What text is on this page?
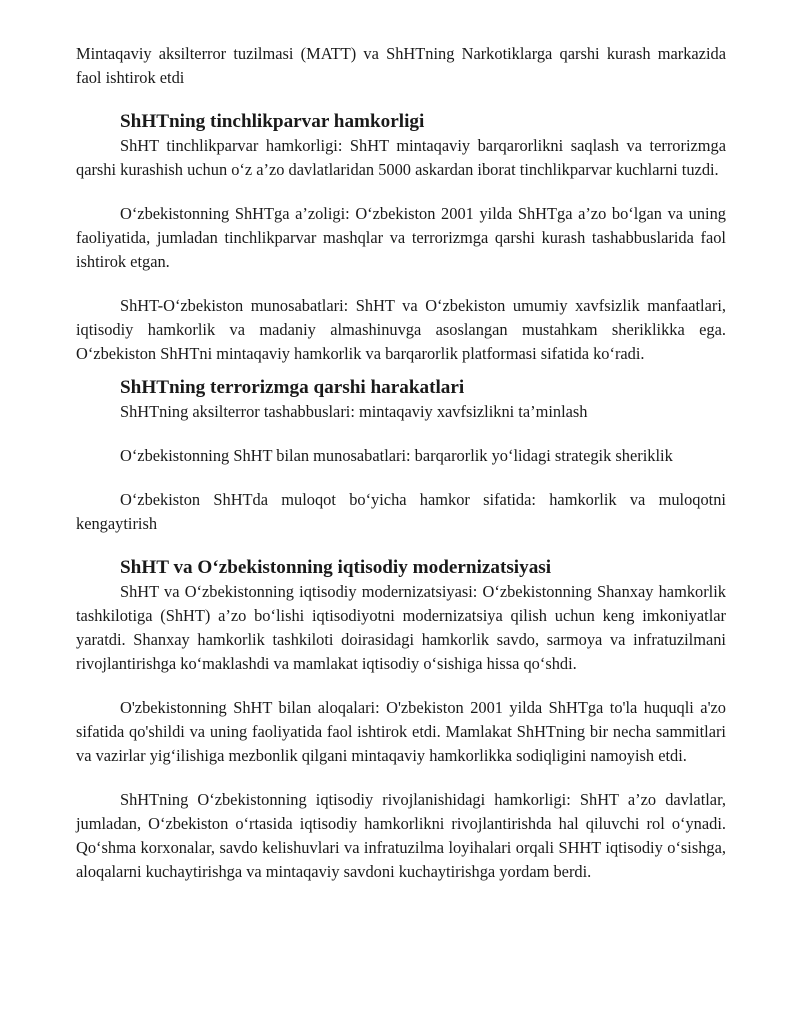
Mintaqaviy aksilterror tuzilmasi (MATT) va ShHTning Narkotiklarga qarshi kurash markazida faol ishtirok etdi

ShHTning tinchlikparvar hamkorligi

ShHT tinchlikparvar hamkorligi: ShHT mintaqaviy barqarorlikni saqlash va terrorizmga qarshi kurashish uchun o‘z a’zo davlatlaridan 5000 askardan iborat tinchlikparvar kuchlarni tuzdi.

O‘zbekistonning ShHTga a’zoligi: O‘zbekiston 2001 yilda ShHTga a’zo bo‘lgan va uning faoliyatida, jumladan tinchlikparvar mashqlar va terrorizmga qarshi kurash tashabbuslarida faol ishtirok etgan.

ShHT-O‘zbekiston munosabatlari: ShHT va O‘zbekiston umumiy xavfsizlik manfaatlari, iqtisodiy hamkorlik va madaniy almashinuvga asoslangan mustahkam sheriklikka ega. O‘zbekiston ShHTni mintaqaviy hamkorlik va barqarorlik platformasi sifatida ko‘radi.

ShHTning terrorizmga qarshi harakatlari

ShHTning aksilterror tashabbuslari: mintaqaviy xavfsizlikni ta’minlash

O‘zbekistonning ShHT bilan munosabatlari: barqarorlik yo‘lidagi strategik sheriklik

O‘zbekiston ShHTda muloqot bo‘yicha hamkor sifatida: hamkorlik va muloqotni kengaytirish

ShHT va O‘zbekistonning iqtisodiy modernizatsiyasi

ShHT va O‘zbekistonning iqtisodiy modernizatsiyasi: O‘zbekistonning Shanxay hamkorlik tashkilotiga (ShHT) a’zo bo‘lishi iqtisodiyotni modernizatsiya qilish uchun keng imkoniyatlar yaratdi. Shanxay hamkorlik tashkiloti doirasidagi hamkorlik savdo, sarmoya va infratuzilmani rivojlantirishga ko‘maklashdi va mamlakat iqtisodiy o‘sishiga hissa qo‘shdi.

O'zbekistonning ShHT bilan aloqalari: O'zbekiston 2001 yilda ShHTga to'la huquqli a'zo sifatida qo'shildi va uning faoliyatida faol ishtirok etdi. Mamlakat ShHTning bir necha sammitlari va vazirlar yig‘ilishiga mezbonlik qilgani mintaqaviy hamkorlikka sodiqligini namoyish etdi.

ShHTning O‘zbekistonning iqtisodiy rivojlanishidagi hamkorligi: ShHT a’zo davlatlar, jumladan, O‘zbekiston o‘rtasida iqtisodiy hamkorlikni rivojlantirishda hal qiluvchi rol o‘ynadi. Qo‘shma korxonalar, savdo kelishuvlari va infratuzilma loyihalari orqali SHHT iqtisodiy o‘sishga, aloqalarni kuchaytirishga va mintaqaviy savdoni kuchaytirishga yordam berdi.
